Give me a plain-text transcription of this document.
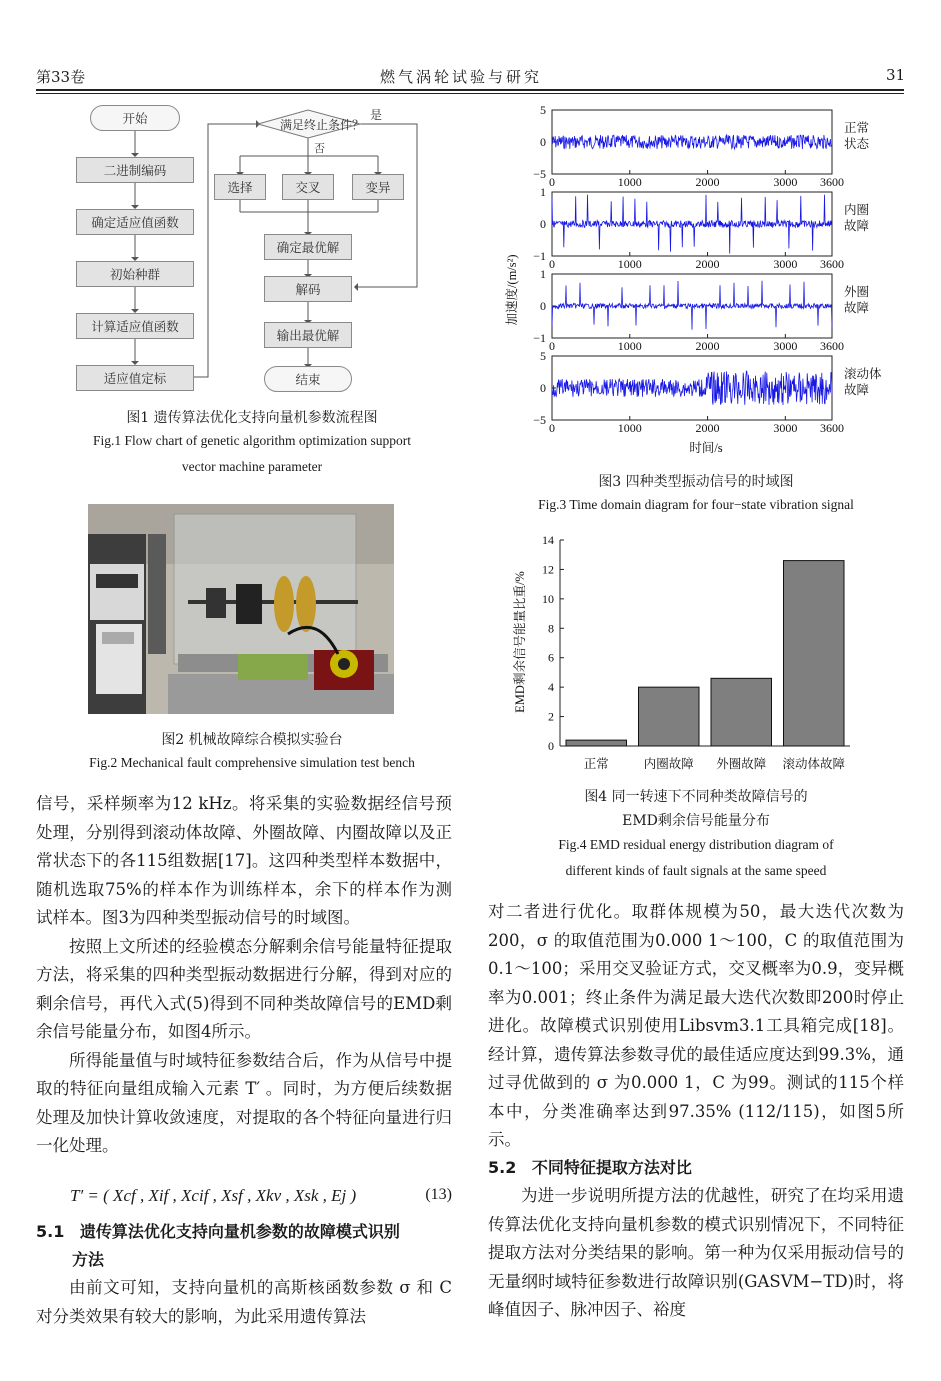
第33卷	燃气涡轮试验与研究	31
开始
二进制编码
确定适应值函数
初始种群
计算适应值函数
适应值定标
满足终止条件？
是
否
选择	交叉	变异
确定最优解
解码
输出最优解
结束
图1 遗传算法优化支持向量机参数流程图
Fig.1 Flow chart of genetic algorithm optimization support
vector machine parameter
图2 机械故障综合模拟实验台
Fig.2 Mechanical fault comprehensive simulation test bench
加速度/(m/s²)
5
0
−5
0	1000	2000	3000 3600
正常
状态
1
0
−1
0	1000	2000	3000 3600
内圈
故障
1
0
−1
0	1000	2000	3000 3600
外圈
故障
5
0
−5
0	1000	2000	3000 3600
滚动体
故障
时间/s
图3 四种类型振动信号的时域图
Fig.3 Time domain diagram for four−state vibration signal
EMD剩余信号能量比重/%
0
2
4
6
8
10
12
14
正常	内圈故障 外圈故障 滚动体故障
图4 同一转速下不同种类故障信号的
EMD剩余信号能量分布
Fig.4 EMD residual energy distribution diagram of
different kinds of fault signals at the same speed

信号，采样频率为12 kHz。将采集的实验数据经信号预处理，分别得到滚动体故障、外圈故障、内圈故障以及正常状态下的各115组数据[17]。这四种类型样本数据中，随机选取75%的样本作为训练样本，余下的样本作为测试样本。图3为四种类型振动信号的时域图。

按照上文所述的经验模态分解剩余信号能量特征提取方法，将采集的四种类型振动数据进行分解，得到对应的剩余信号，再代入式(5)得到不同种类故障信号的EMD剩余信号能量分布，如图4所示。

所得能量值与时域特征参数结合后，作为从信号中提取的特征向量组成输入元素 T′ 。同时，为方便后续数据处理及加快计算收敛速度，对提取的各个特征向量进行归一化处理。

T′ = ( Xcf , Xif , Xcif , Xsf , Xkv , Xsk , Ej )	(13)
5.1 遗传算法优化支持向量机参数的故障模式识别
方法

由前文可知，支持向量机的高斯核函数参数 σ 和 C 对分类效果有较大的影响，为此采用遗传算法

对二者进行优化。取群体规模为50，最大迭代次数为200，σ 的取值范围为0.000 1～100，C 的取值范围为0.1～100；采用交叉验证方式，交叉概率为0.9，变异概率为0.001；终止条件为满足最大迭代次数即200时停止进化。故障模式识别使用Libsvm3.1工具箱完成[18]。经计算，遗传算法参数寻优的最佳适应度达到99.3%，通过寻优做到的 σ 为0.000 1，C 为99。测试的115个样本中，分类准确率达到97.35% (112/115)，如图5所示。

5.2 不同特征提取方法对比

为进一步说明所提方法的优越性，研究了在均采用遗传算法优化支持向量机参数的模式识别情况下，不同特征提取方法对分类结果的影响。第一种为仅采用振动信号的无量纲时域特征参数进行故障识别(GASVM−TD)时，将峰值因子、脉冲因子、裕度
